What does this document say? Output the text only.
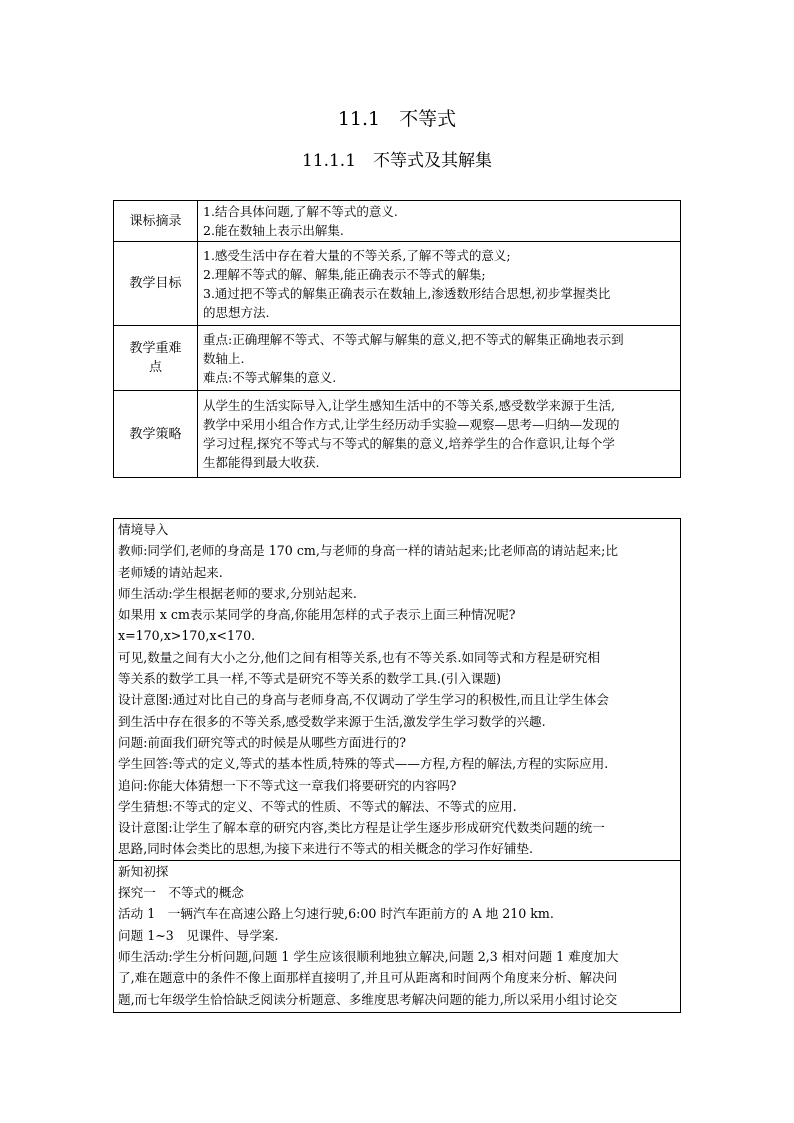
11.1　不等式
11.1.1　不等式及其解集
课标摘录	1.结合具体问题,了解不等式的意义.
2.能在数轴上表示出解集.

教学目标	1.感受生活中存在着大量的不等关系,了解不等式的意义;
2.理解不等式的解、解集,能正确表示不等式的解集;
3.通过把不等式的解集正确表示在数轴上,渗透数形结合思想,初步掌握类比
的思想方法.

教学重难
点	重点:正确理解不等式、不等式解与解集的意义,把不等式的解集正确地表示到
数轴上.
难点:不等式解集的意义.

教学策略	从学生的生活实际导入,让学生感知生活中的不等关系,感受数学来源于生活,
教学中采用小组合作方式,让学生经历动手实验—观察—思考—归纳—发现的
学习过程,探究不等式与不等式的解集的意义,培养学生的合作意识,让每个学
生都能得到最大收获.
情境导入
教师:同学们,老师的身高是 170 cm,与老师的身高一样的请站起来;比老师高的请站起来;比
老师矮的请站起来.
师生活动:学生根据老师的要求,分别站起来.
如果用 x cm表示某同学的身高,你能用怎样的式子表示上面三种情况呢?
x=170,x>170,x<170.
可见,数量之间有大小之分,他们之间有相等关系,也有不等关系.如同等式和方程是研究相
等关系的数学工具一样,不等式是研究不等关系的数学工具.(引入课题)
设计意图:通过对比自己的身高与老师身高,不仅调动了学生学习的积极性,而且让学生体会
到生活中存在很多的不等关系,感受数学来源于生活,激发学生学习数学的兴趣.
问题:前面我们研究等式的时候是从哪些方面进行的?
学生回答:等式的定义,等式的基本性质,特殊的等式——方程,方程的解法,方程的实际应用.
追问:你能大体猜想一下不等式这一章我们将要研究的内容吗?
学生猜想:不等式的定义、不等式的性质、不等式的解法、不等式的应用.
设计意图:让学生了解本章的研究内容,类比方程是让学生逐步形成研究代数类问题的统一
思路,同时体会类比的思想,为接下来进行不等式的相关概念的学习作好铺垫.
新知初探
探究一　不等式的概念
活动 1　一辆汽车在高速公路上匀速行驶,6:00 时汽车距前方的 A 地 210 km.
问题 1~3　见课件、导学案.
师生活动:学生分析问题,问题 1 学生应该很顺利地独立解决,问题 2,3 相对问题 1 难度加大
了,难在题意中的条件不像上面那样直接明了,并且可从距离和时间两个角度来分析、解决问
题,而七年级学生恰恰缺乏阅读分析题意、多维度思考解决问题的能力,所以采用小组讨论交
